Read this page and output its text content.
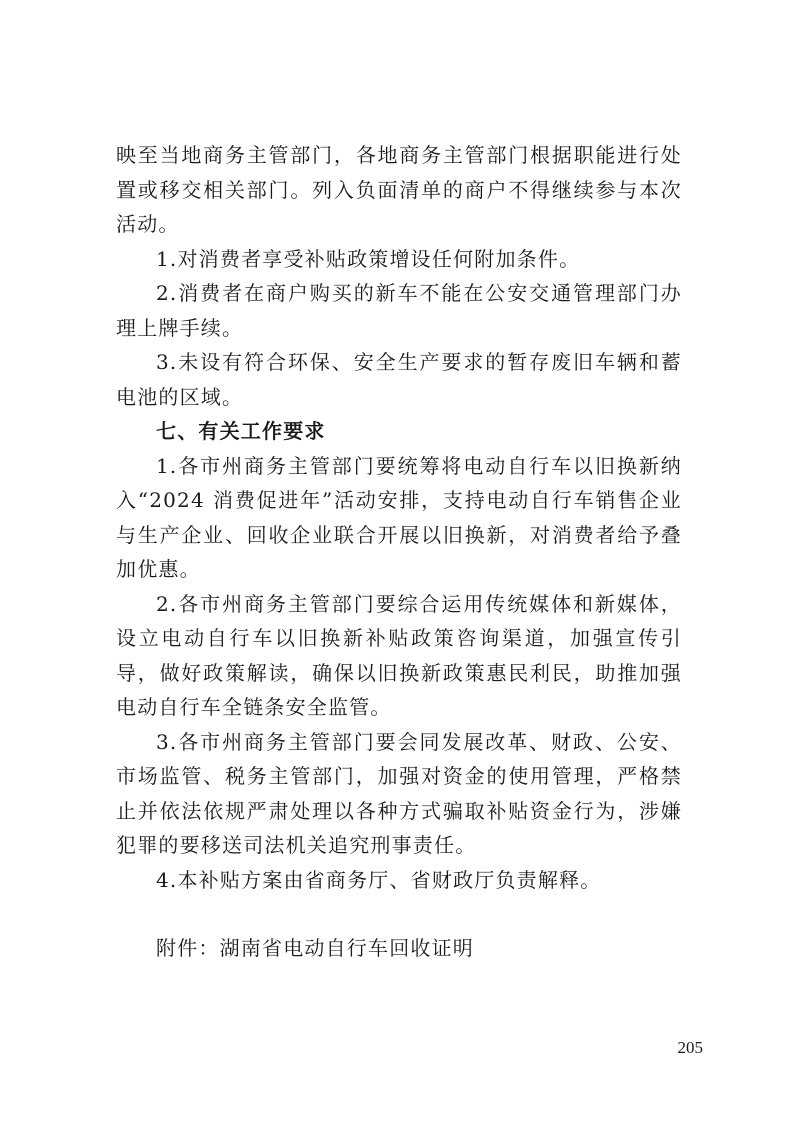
映至当地商务主管部门，各地商务主管部门根据职能进行处置或移交相关部门。列入负面清单的商户不得继续参与本次活动。

1.对消费者享受补贴政策增设任何附加条件。

2.消费者在商户购买的新车不能在公安交通管理部门办理上牌手续。

3.未设有符合环保、安全生产要求的暂存废旧车辆和蓄电池的区域。

七、有关工作要求

1.各市州商务主管部门要统筹将电动自行车以旧换新纳入“2024 消费促进年”活动安排，支持电动自行车销售企业与生产企业、回收企业联合开展以旧换新，对消费者给予叠加优惠。

2.各市州商务主管部门要综合运用传统媒体和新媒体，设立电动自行车以旧换新补贴政策咨询渠道，加强宣传引导，做好政策解读，确保以旧换新政策惠民利民，助推加强电动自行车全链条安全监管。

3.各市州商务主管部门要会同发展改革、财政、公安、市场监管、税务主管部门，加强对资金的使用管理，严格禁止并依法依规严肃处理以各种方式骗取补贴资金行为，涉嫌犯罪的要移送司法机关追究刑事责任。

4.本补贴方案由省商务厅、省财政厅负责解释。

附件：湖南省电动自行车回收证明

205
